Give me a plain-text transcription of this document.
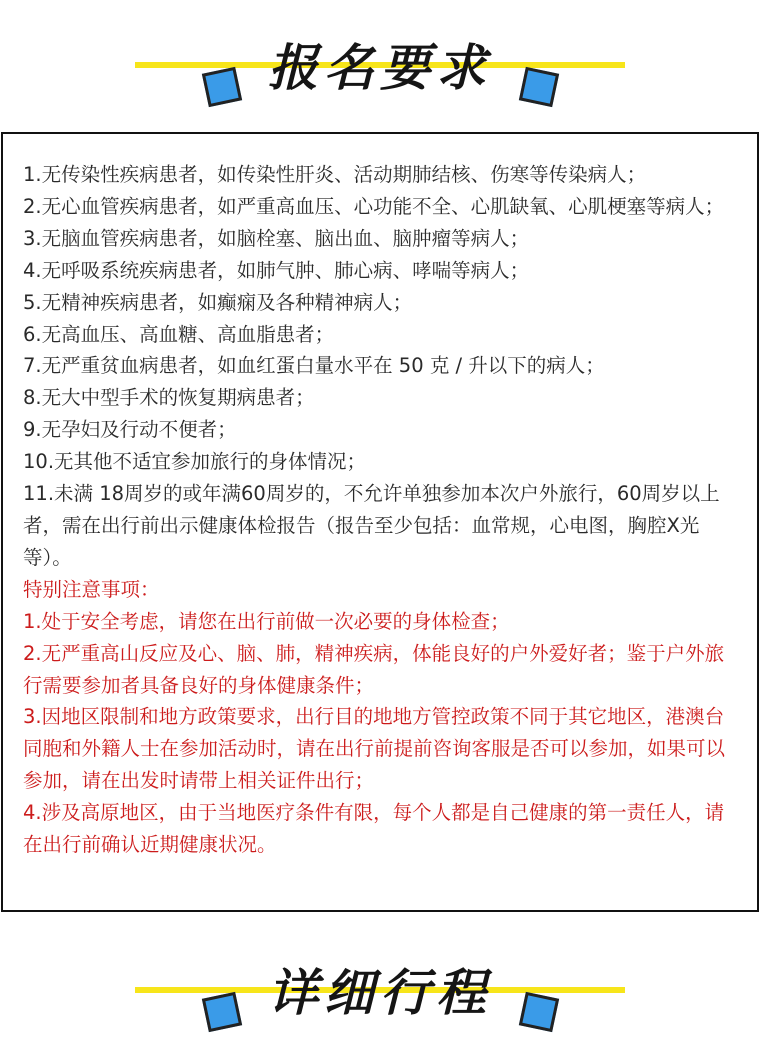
报名要求

1.无传染性疾病患者，如传染性肝炎、活动期肺结核、伤寒等传染病人；

2.无心血管疾病患者，如严重高血压、心功能不全、心肌缺氧、心肌梗塞等病人；

3.无脑血管疾病患者，如脑栓塞、脑出血、脑肿瘤等病人；

4.无呼吸系统疾病患者，如肺气肿、肺心病、哮喘等病人；

5.无精神疾病患者，如癫痫及各种精神病人；

6.无高血压、高血糖、高血脂患者；

7.无严重贫血病患者，如血红蛋白量水平在 50 克 / 升以下的病人；

8.无大中型手术的恢复期病患者；

9.无孕妇及行动不便者；

10.无其他不适宜参加旅行的身体情况；

11.未满 18周岁的或年满60周岁的，不允许单独参加本次户外旅行，60周岁以上者，需在出行前出示健康体检报告（报告至少包括：血常规，心电图，胸腔X光等）。

特别注意事项：

1.处于安全考虑，请您在出行前做一次必要的身体检查；

2.无严重高山反应及心、脑、肺，精神疾病，体能良好的户外爱好者；鉴于户外旅行需要参加者具备良好的身体健康条件；

3.因地区限制和地方政策要求，出行目的地地方管控政策不同于其它地区，港澳台同胞和外籍人士在参加活动时，请在出行前提前咨询客服是否可以参加，如果可以参加，请在出发时请带上相关证件出行；

4.涉及高原地区，由于当地医疗条件有限，每个人都是自己健康的第一责任人，请在出行前确认近期健康状况。

详细行程
